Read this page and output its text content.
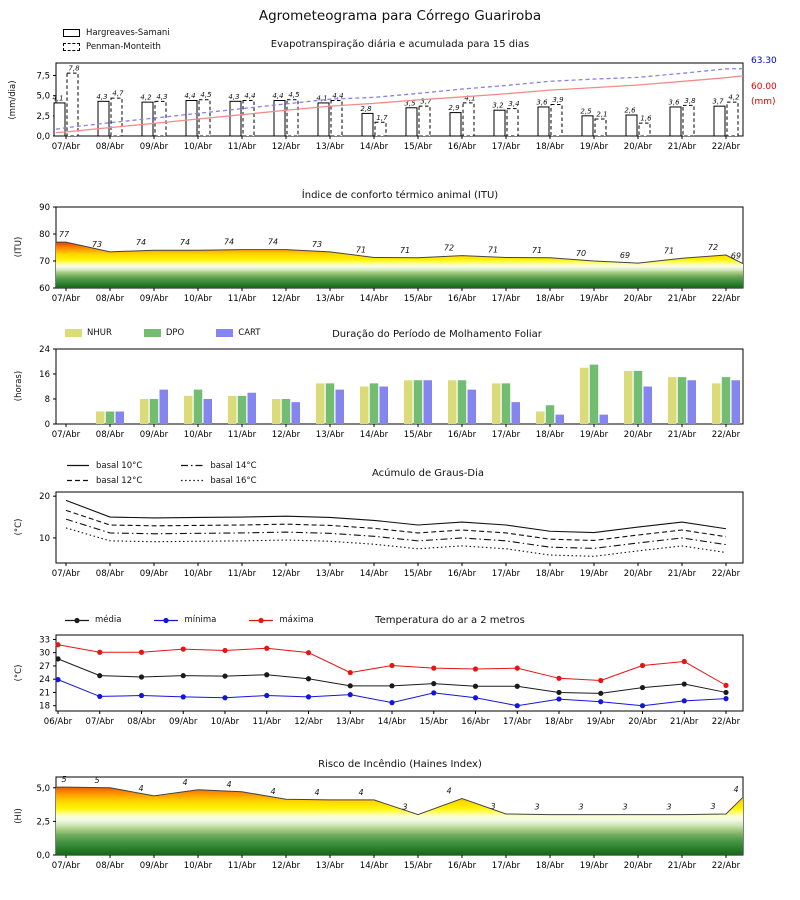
Agrometeograma para Córrego Guariroba
Hargreaves-Samani
Penman-Monteith	Evapotranspiração diária e acumulada para 15 dias
(mm/dia)
63.30
60.00
(mm)
Índice de conforto térmico animal (ITU)
(ITU)
NHUR	DPO	CART	Duração do Período de Molhamento Foliar
(horas)
basal 10°C	basal 14°C
basal 12°C	basal 16°C
Acúmulo de Graus-Dia
(°C)
média	mínima	máxima	Temperatura do ar a 2 metros
(°C)
Risco de Incêndio (Haines Index)
(HI)
0,0
2,5
5,0
7,5
07/Abr 08/Abr 09/Abr 10/Abr 11/Abr 12/Abr 13/Abr 14/Abr 15/Abr 16/Abr 17/Abr 18/Abr 19/Abr 20/Abr 21/Abr 22/Abr
4,1	4,3	4,2	4,4	4,3	4,4	4,1
2,8
3,5
2,9	3,2	3,6
2,5	2,6
3,6	3,7
7,8
4,7	4,3	4,5	4,4	4,5	4,4
1,7
3,7	4,1
3,4
3,9
2,1
1,6
3,8	4,2
60
70
80
90
07/Abr 08/Abr 09/Abr 10/Abr 11/Abr 12/Abr 13/Abr 14/Abr 15/Abr 16/Abr 17/Abr 18/Abr 19/Abr 20/Abr 21/Abr 22/Abr
77
73	74	74	74	74	73
71	71	72	71	71	70	69
71	72
69
0
8
16
24
07/Abr 08/Abr 09/Abr 10/Abr 11/Abr 12/Abr 13/Abr 14/Abr 15/Abr 16/Abr 17/Abr 18/Abr 19/Abr 20/Abr 21/Abr 22/Abr
10
20
07/Abr 08/Abr 09/Abr 10/Abr 11/Abr 12/Abr 13/Abr 14/Abr 15/Abr 16/Abr 17/Abr 18/Abr 19/Abr 20/Abr 21/Abr 22/Abr
18
21
24
27
30
33
06/Abr 07/Abr 08/Abr 09/Abr 10/Abr 11/Abr 12/Abr 13/Abr 14/Abr 15/Abr 16/Abr 17/Abr 18/Abr 19/Abr 20/Abr 21/Abr 22/Abr
0,0
2,5
5,0
07/Abr 08/Abr 09/Abr 10/Abr 11/Abr 12/Abr 13/Abr 14/Abr 15/Abr 16/Abr 17/Abr 18/Abr 19/Abr 20/Abr 21/Abr 22/Abr
5	5
4
4	4
4	4	4
3
4
3	3	3	3	3	3
4
